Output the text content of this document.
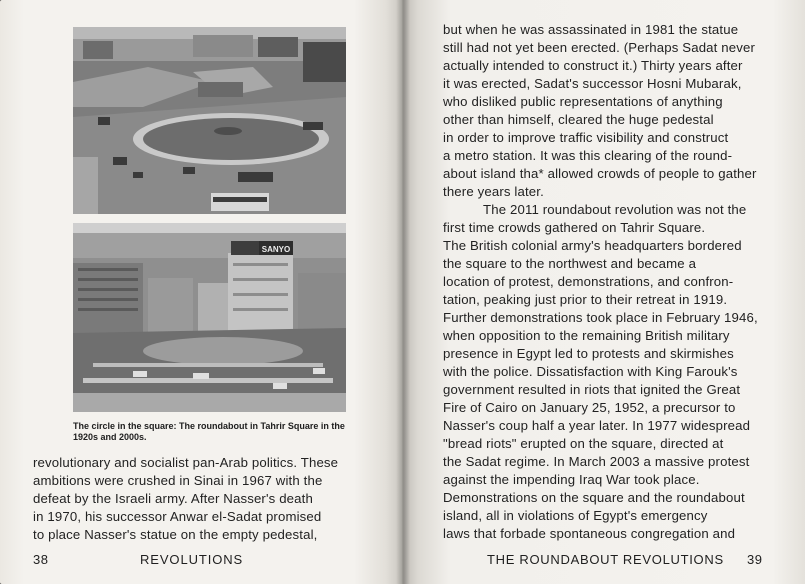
SANYO
The circle in the square: The roundabout in Tahrir Square in the 1920s and 2000s.
revolutionary and socialist pan-Arab politics. These
ambitions were crushed in Sinai in 1967 with the
defeat by the Israeli army. After Nasser's death
in 1970, his successor Anwar el-Sadat promised
to place Nasser's statue on the empty pedestal,
38	REVOLUTIONS
but when he was assassinated in 1981 the statue
still had not yet been erected. (Perhaps Sadat never
actually intended to construct it.) Thirty years after
it was erected, Sadat's successor Hosni Mubarak,
who disliked public representations of anything
other than himself, cleared the huge pedestal
in order to improve traffic visibility and construct
a metro station. It was this clearing of the round-
about island tha* allowed crowds of people to gather
there years later.
The 2011 roundabout revolution was not the
first time crowds gathered on Tahrir Square.
The British colonial army's headquarters bordered
the square to the northwest and became a
location of protest, demonstrations, and confron-
tation, peaking just prior to their retreat in 1919.
Further demonstrations took place in February 1946,
when opposition to the remaining British military
presence in Egypt led to protests and skirmishes
with the police. Dissatisfaction with King Farouk's
government resulted in riots that ignited the Great
Fire of Cairo on January 25, 1952, a precursor to
Nasser's coup half a year later. In 1977 widespread
"bread riots" erupted on the square, directed at
the Sadat regime. In March 2003 a massive protest
against the impending Iraq War took place.
Demonstrations on the square and the roundabout
island, all in violations of Egypt's emergency
laws that forbade spontaneous congregation and
THE ROUNDABOUT REVOLUTIONS 39
